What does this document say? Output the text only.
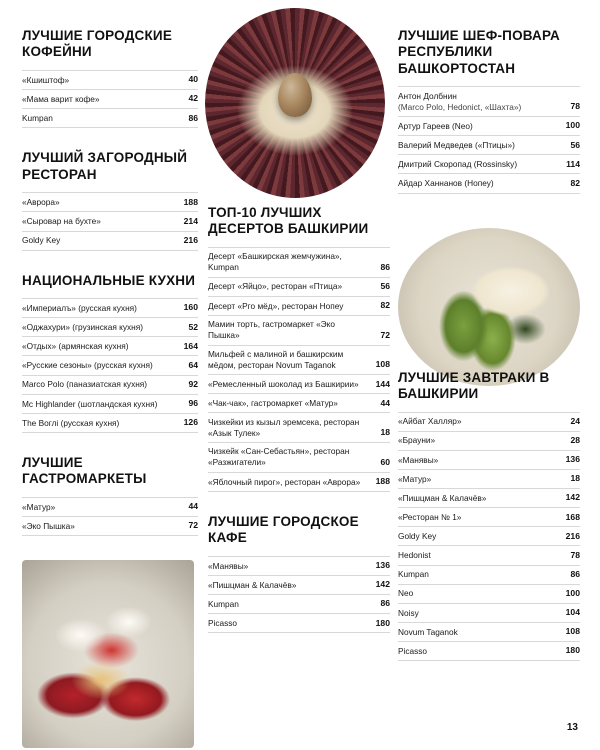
ЛУЧШИЕ ГОРОДСКИЕ КОФЕЙНИ
«Кшиштоф»	40
«Мама варит кофе»	42
Kumpan	86
ЛУЧШИЙ ЗАГОРОДНЫЙ РЕСТОРАН
«Аврора»	188
«Сыровар на бухте»	214
Goldy Key	216
НАЦИОНАЛЬНЫЕ КУХНИ
«Империалъ» (русская кухня)	160
«Оджахури» (грузинская кухня)	52
«Отдых» (армянская кухня)	164
«Русские сезоны» (русская кухня)	64
Marco Polo (паназиатская кухня)	92
Mc Highlander (шотландская кухня)	96
The Воглі (русская кухня)	126
ЛУЧШИЕ ГАСТРОМАРКЕТЫ
«Матур»	44
«Эко Пышка»	72
ТОП-10 ЛУЧШИХ ДЕСЕРТОВ БАШКИРИИ
Десерт «Башкирская жемчужина», Kumpan	86
Десерт «Яйцо», ресторан «Птица»	56
Десерт «Рго мёд», ресторан Нопеу	82
Мамин торть, гастромаркет «Эко Пышка»	72
Мильфей с малиной и башкирским мёдом, ресторан Novum Taganok	108
«Ремесленный шоколад из Башкирии»	144
«Чак-чак», гастромаркет «Матур»	44
Чизкейки из кызыл эремсека, ресторан «Азык Тулек»	18
Чизкейк «Сан-Себастьян», ресторан «Разжигатели»	60
«Яблочный пирог», ресторан «Аврора»	188
ЛУЧШИЕ ГОРОДСКОЕ КАФЕ
«Манявы»	136
«Пишцман & Калачёв»	142
Kumpan	86
Picasso	180
ЛУЧШИЕ ШЕФ-ПОВАРА РЕСПУБЛИКИ БАШКОРТОСТАН
Антон Долбнин
(Marco Polo, Hedonict, «Шахта»)	78
Артур Гареев (Neo)	100
Валерий Медведев («Птицы»)	56
Дмитрий Скоропад (Rossinsky)	114
Айдар Ханнанов (Нопеу)	82
ЛУЧШИЕ ЗАВТРАКИ В БАШКИРИИ
«Айбат Халляр»	24
«Брауни»	28
«Манявы»	136
«Матур»	18
«Пишцман & Калачёв»	142
«Ресторан № 1»	168
Goldy Key	216
Hedonist	78
Kumpan	86
Neo	100
Noisy	104
Novum Taganok	108
Picasso	180
13
